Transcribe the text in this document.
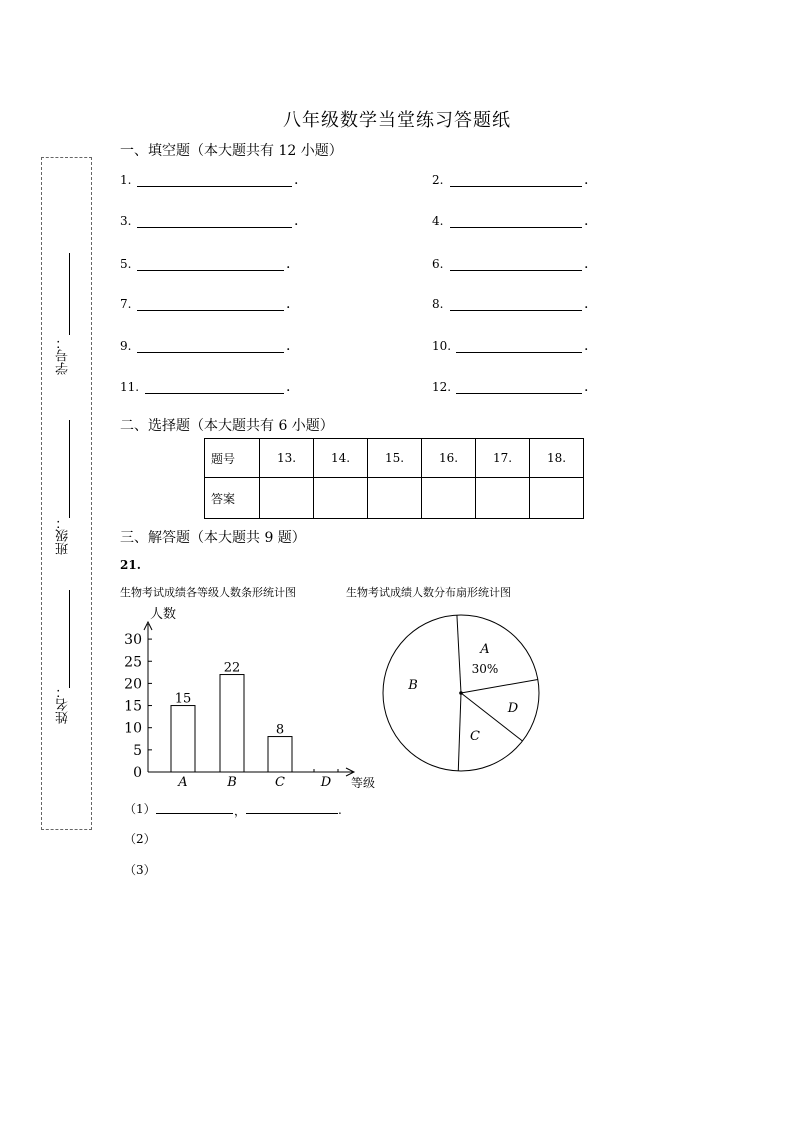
八年级数学当堂练习答题纸
学号：
班级：
姓名：
一、填空题（本大题共有 12 小题）
1.	.	2.	.
3.	.	4.	.
5.	.	6.	.
7.	.	8.	.
9.	.	10.	.
11.	.	12.	.
二、选择题（本大题共有 6 小题）
题号	13.	14.	15.	16.	17.	18.
答案						
三、解答题（本大题共 9 题）
21.
生物考试成绩各等级人数条形统计图	生物考试成绩人数分布扇形统计图
人数
等级
0
5
10
15
20
25
30
A
15
B
22
C
8
D
A
30%
B
C
D
（1）	，	.
（2）
（3）
